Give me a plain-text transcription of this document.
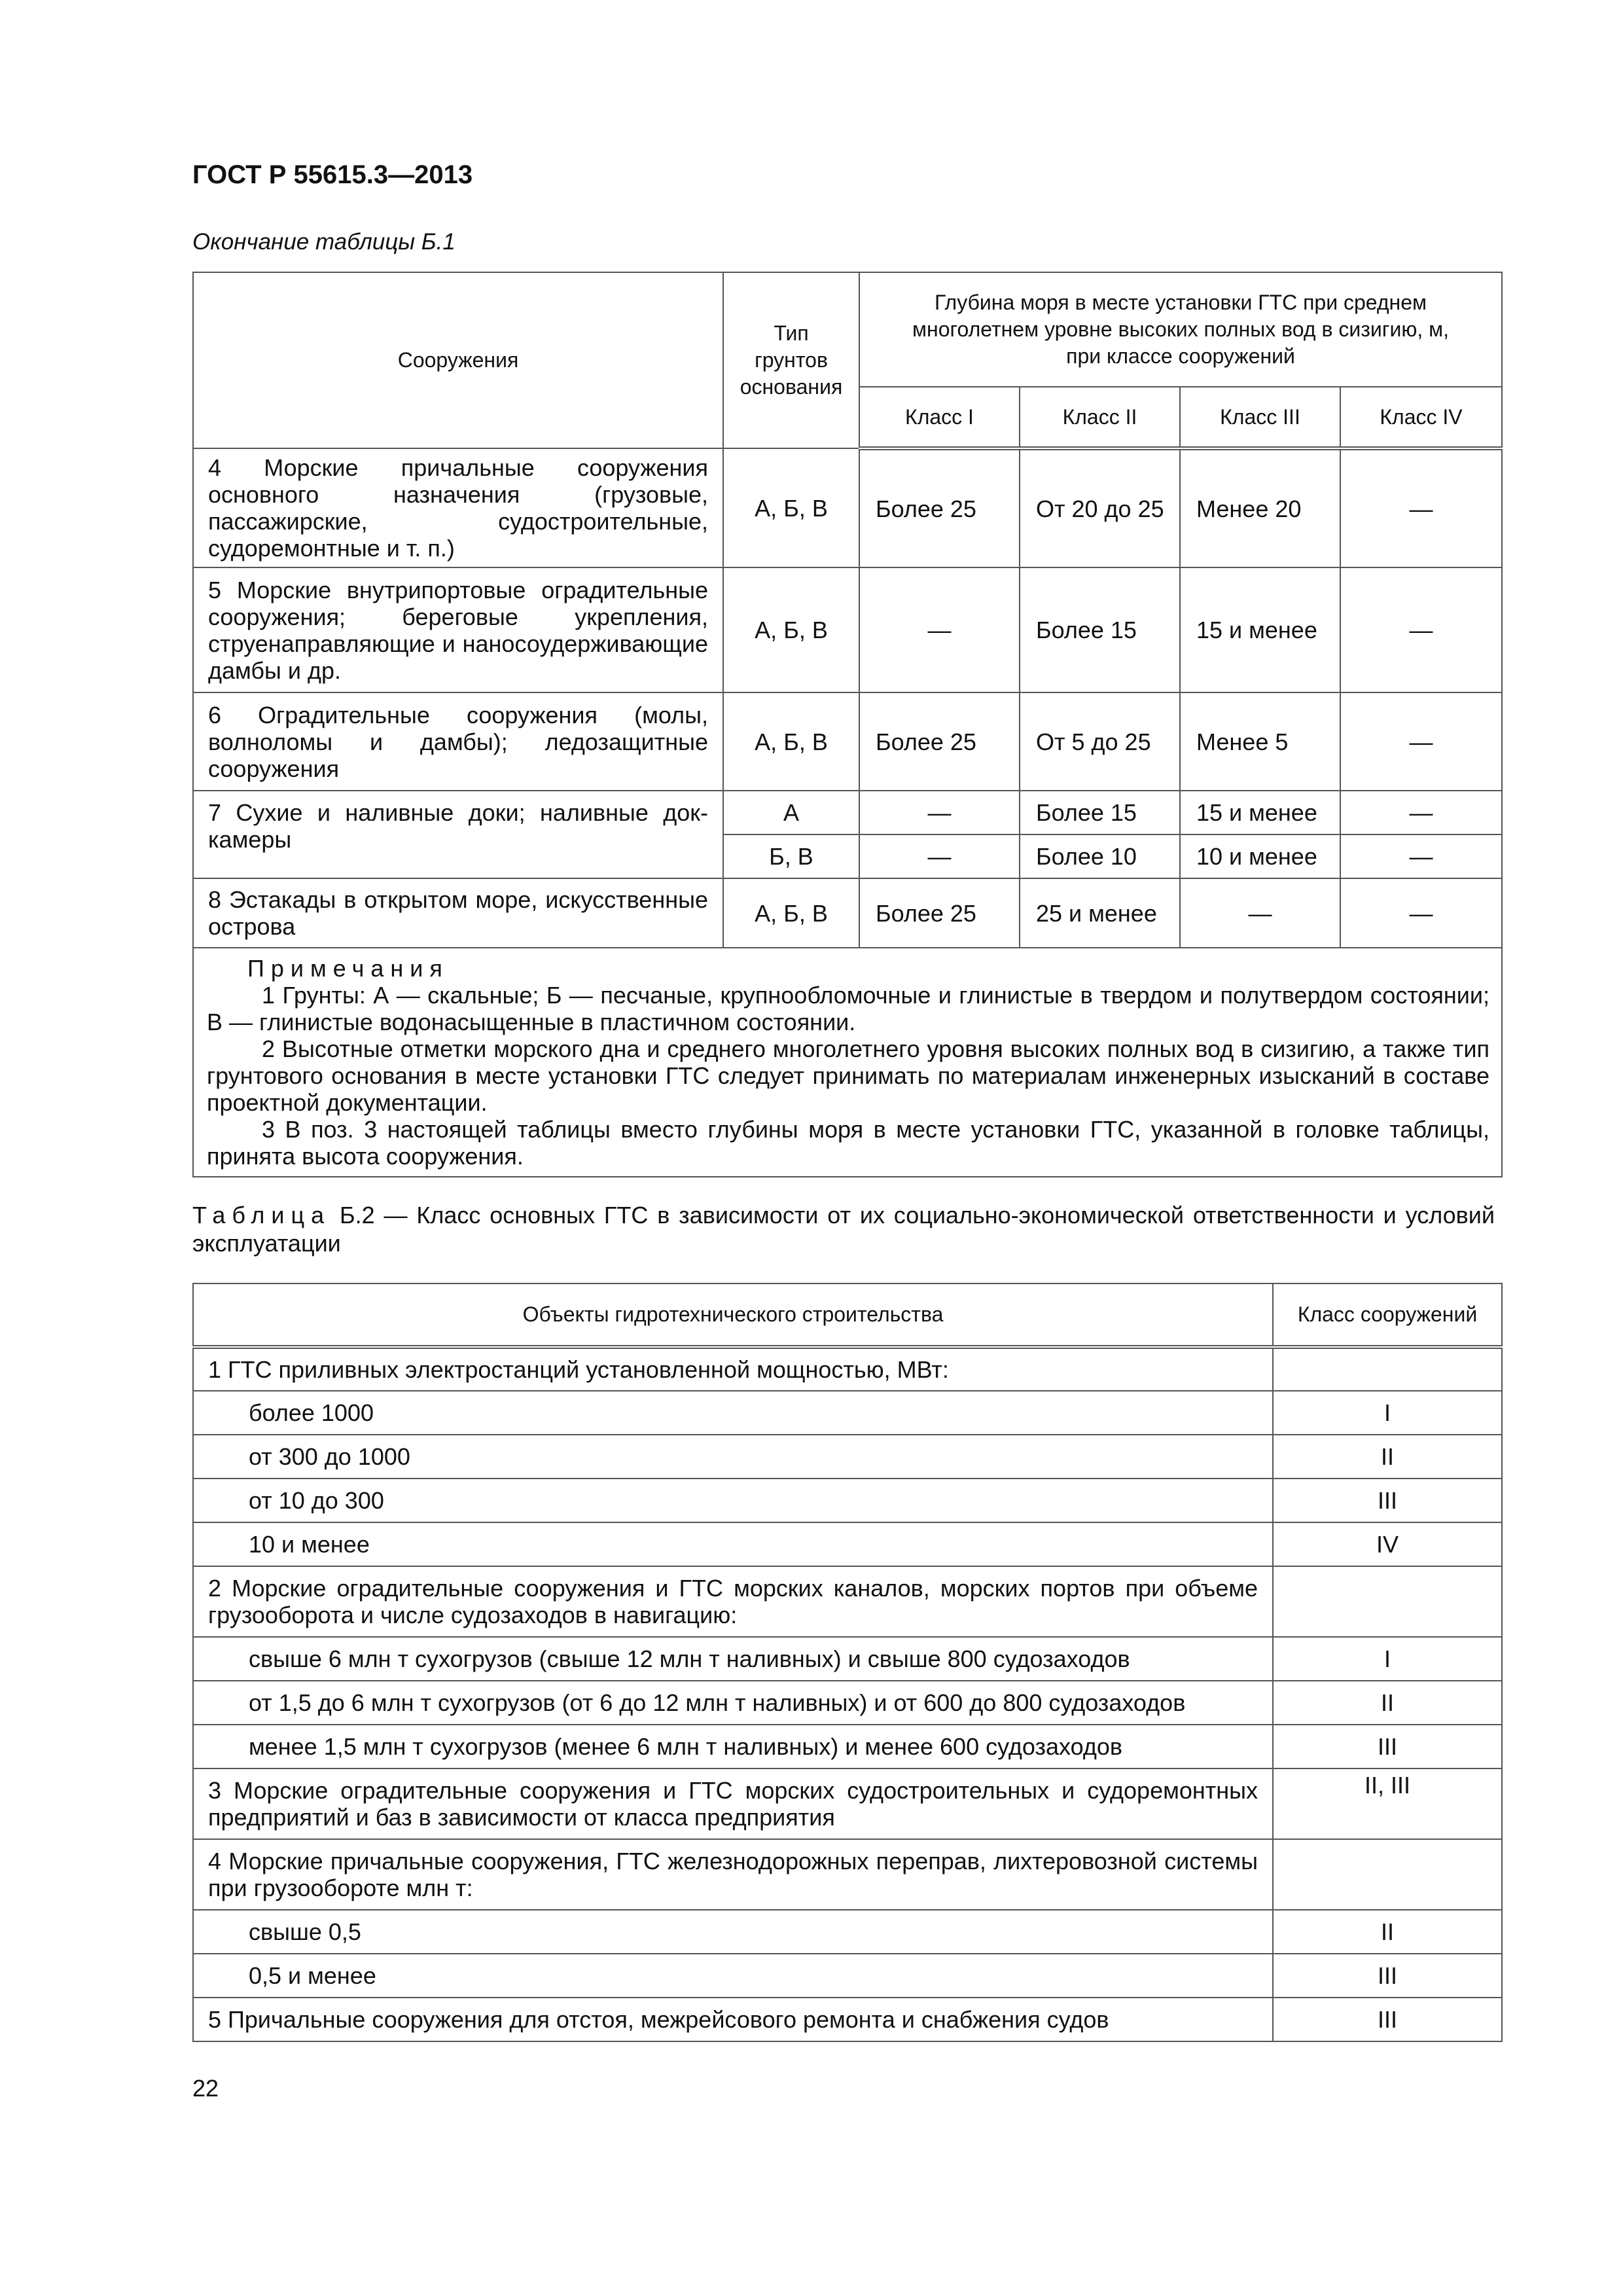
ГОСТ Р 55615.3—2013
Окончание таблицы Б.1
Сооружения	Тип грунтов основания	Глубина моря в месте установки ГТС при среднем многолетнем уровне высоких полных вод в сизигию, м, при классе сооружений			
		Класс I	Класс II	Класс III	Класс IV
4 Морские причальные сооружения основного назначения (грузовые, пассажирские, судостроительные, судоремонтные и т. п.)	А, Б, В	Более 25	От 20 до 25	Менее 20	—
5 Морские внутрипортовые оградительные сооружения; береговые укрепления, струенаправляющие и наносоудерживающие дамбы и др.	А, Б, В	—	Более 15	15 и менее	—
6 Оградительные сооружения (молы, волноломы и дамбы); ледозащитные сооружения	А, Б, В	Более 25	От 5 до 25	Менее 5	—
7 Сухие и наливные доки; наливные док-камеры	А	—	Более 15	15 и менее	—
	Б, В	—	Более 10	10 и менее	—
8 Эстакады в открытом море, искусственные острова	А, Б, В	Более 25	25 и менее	—	—

Примечания
1 Грунты: А — скальные; Б — песчаные, крупнообломочные и глинистые в твердом и полутвердом состоянии; В — глинистые водонасыщенные в пластичном состоянии.
2 Высотные отметки морского дна и среднего многолетнего уровня высоких полных вод в сизигию, а также тип грунтового основания в месте установки ГТС следует принимать по материалам инженерных изысканий в составе проектной документации.
3 В поз. 3 настоящей таблицы вместо глубины моря в месте установки ГТС, указанной в головке таблицы, принята высота сооружения.					
Таблица Б.2 — Класс основных ГТС в зависимости от их социально-экономической ответственности и условий эксплуатации
Объекты гидротехнического строительства	Класс сооружений
1 ГТС приливных электростанций установленной мощностью, МВт:	
более 1000	I
от 300 до 1000	II
от 10 до 300	III
10 и менее	IV
2 Морские оградительные сооружения и ГТС морских каналов, морских портов при объеме грузооборота и числе судозаходов в навигацию:	
свыше 6 млн т сухогрузов (свыше 12 млн т наливных) и свыше 800 судозаходов	I
от 1,5 до 6 млн т сухогрузов (от 6 до 12 млн т наливных) и от 600 до 800 судозаходов	II
менее 1,5 млн т сухогрузов (менее 6 млн т наливных) и менее 600 судозаходов	III
3 Морские оградительные сооружения и ГТС морских судостроительных и судоремонтных предприятий и баз в зависимости от класса предприятия	II, III
4 Морские причальные сооружения, ГТС железнодорожных переправ, лихтеровозной системы при грузообороте млн т:	
свыше 0,5	II
0,5 и менее	III
5 Причальные сооружения для отстоя, межрейсового ремонта и снабжения судов	III
22
